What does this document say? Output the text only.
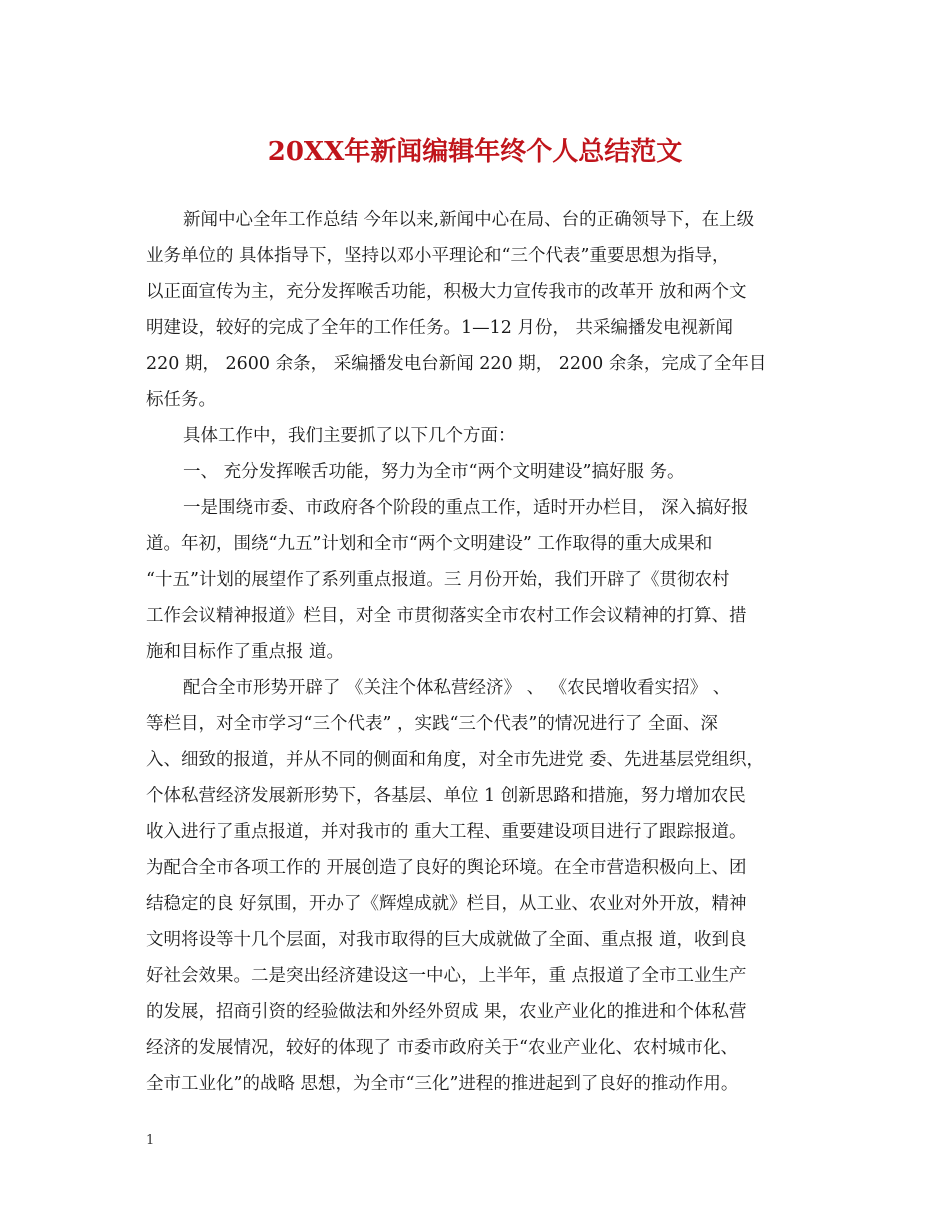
20XX年新闻编辑年终个人总结范文
新闻中心全年工作总结 今年以来,新闻中心在局、台的正确领导下，在上级
业务单位的 具体指导下，坚持以邓小平理论和“三个代表”重要思想为指导，
以正面宣传为主，充分发挥喉舌功能，积极大力宣传我市的改革开 放和两个文
明建设，较好的完成了全年的工作任务。1—12 月份， 共采编播发电视新闻
220 期， 2600 余条， 采编播发电台新闻 220 期， 2200 余条，完成了全年目
标任务。
具体工作中，我们主要抓了以下几个方面：
一、 充分发挥喉舌功能，努力为全市“两个文明建设”搞好服 务。
一是围绕市委、市政府各个阶段的重点工作，适时开办栏目， 深入搞好报
道。年初，围绕“九五”计划和全市“两个文明建设” 工作取得的重大成果和
“十五”计划的展望作了系列重点报道。三 月份开始，我们开辟了《贯彻农村
工作会议精神报道》栏目，对全 市贯彻落实全市农村工作会议精神的打算、措
施和目标作了重点报 道。
配合全市形势开辟了 《关注个体私营经济》 、 《农民增收看实招》 、
等栏目，对全市学习“三个代表” ，实践“三个代表”的情况进行了 全面、深
入、细致的报道，并从不同的侧面和角度，对全市先进党 委、先进基层党组织，
个体私营经济发展新形势下，各基层、单位 1 创新思路和措施，努力增加农民
收入进行了重点报道，并对我市的 重大工程、重要建设项目进行了跟踪报道。
为配合全市各项工作的 开展创造了良好的舆论环境。在全市营造积极向上、团
结稳定的良 好氛围，开办了《辉煌成就》栏目，从工业、农业对外开放，精神
文明将设等十几个层面，对我市取得的巨大成就做了全面、重点报 道，收到良
好社会效果。二是突出经济建设这一中心，上半年，重 点报道了全市工业生产
的发展，招商引资的经验做法和外经外贸成 果，农业产业化的推进和个体私营
经济的发展情况，较好的体现了 市委市政府关于“农业产业化、农村城市化、
全市工业化”的战略 思想，为全市“三化”进程的推进起到了良好的推动作用。
1
